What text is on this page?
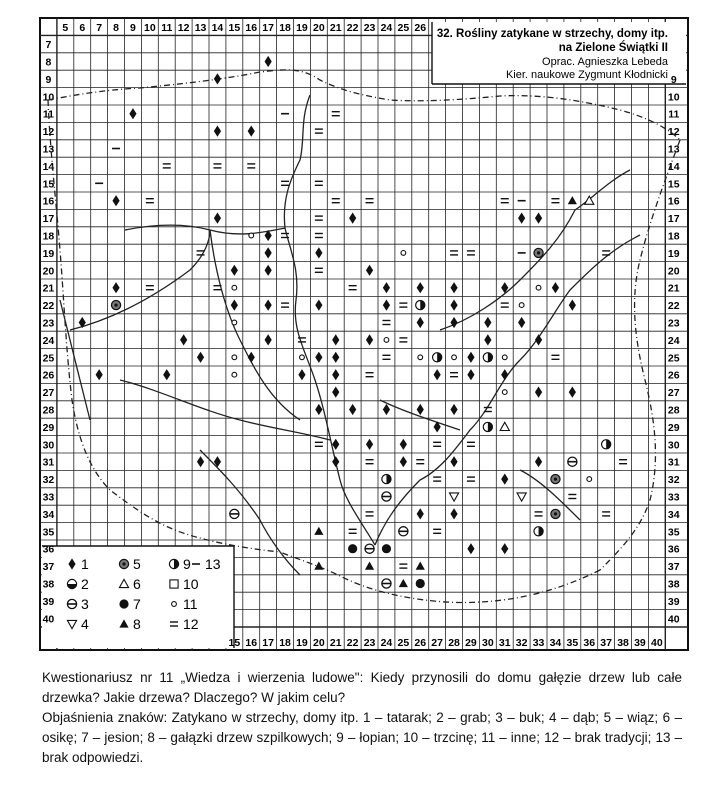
5 6 7 8 9 10 11 12 13 14 15 16 17 18 19 20 21 22 23 24 25 26
15 16 17 18 19 20 21 22 23 24 25 26 27 28 29 30 31 32 33 34 35 36 37 38 39 40
7
8
9
10
11
12
13
14
15
16
17
18
19
20
21
22
23
24
25
26
27
28
29
30
31
32
33
34
35
36
37
38
39
40
9
10
11
12
13
14
15
16
17
18
19
20
21
22
23
24
25
26
27
28
29
30
31
32
33
34
35
36
37
38
39
40
32. Rośliny zatykane w strzechy, domy itp.
na Zielone Świątki II
Oprac. Agnieszka Lebeda
Kier. naukowe Zygmunt Kłodnicki
1
2
3
4
5
6
7
8
9
10
11
12
13

Kwestionariusz nr 11 „Wiedza i wierzenia ludowe": Kiedy przynosili do domu gałęzie drzew lub całe drzewka? Jakie drzewa? Dlaczego? W jakim celu?

Objaśnienia znaków: Zatykano w strzechy, domy itp. 1 – tatarak; 2 – grab; 3 – buk; 4 – dąb; 5 – wiąz; 6 – osikę; 7 – jesion; 8 – gałązki drzew szpilkowych; 9 – łopian; 10 – trzcinę; 11 – inne; 12 – brak tradycji; 13 – brak odpowiedzi.
